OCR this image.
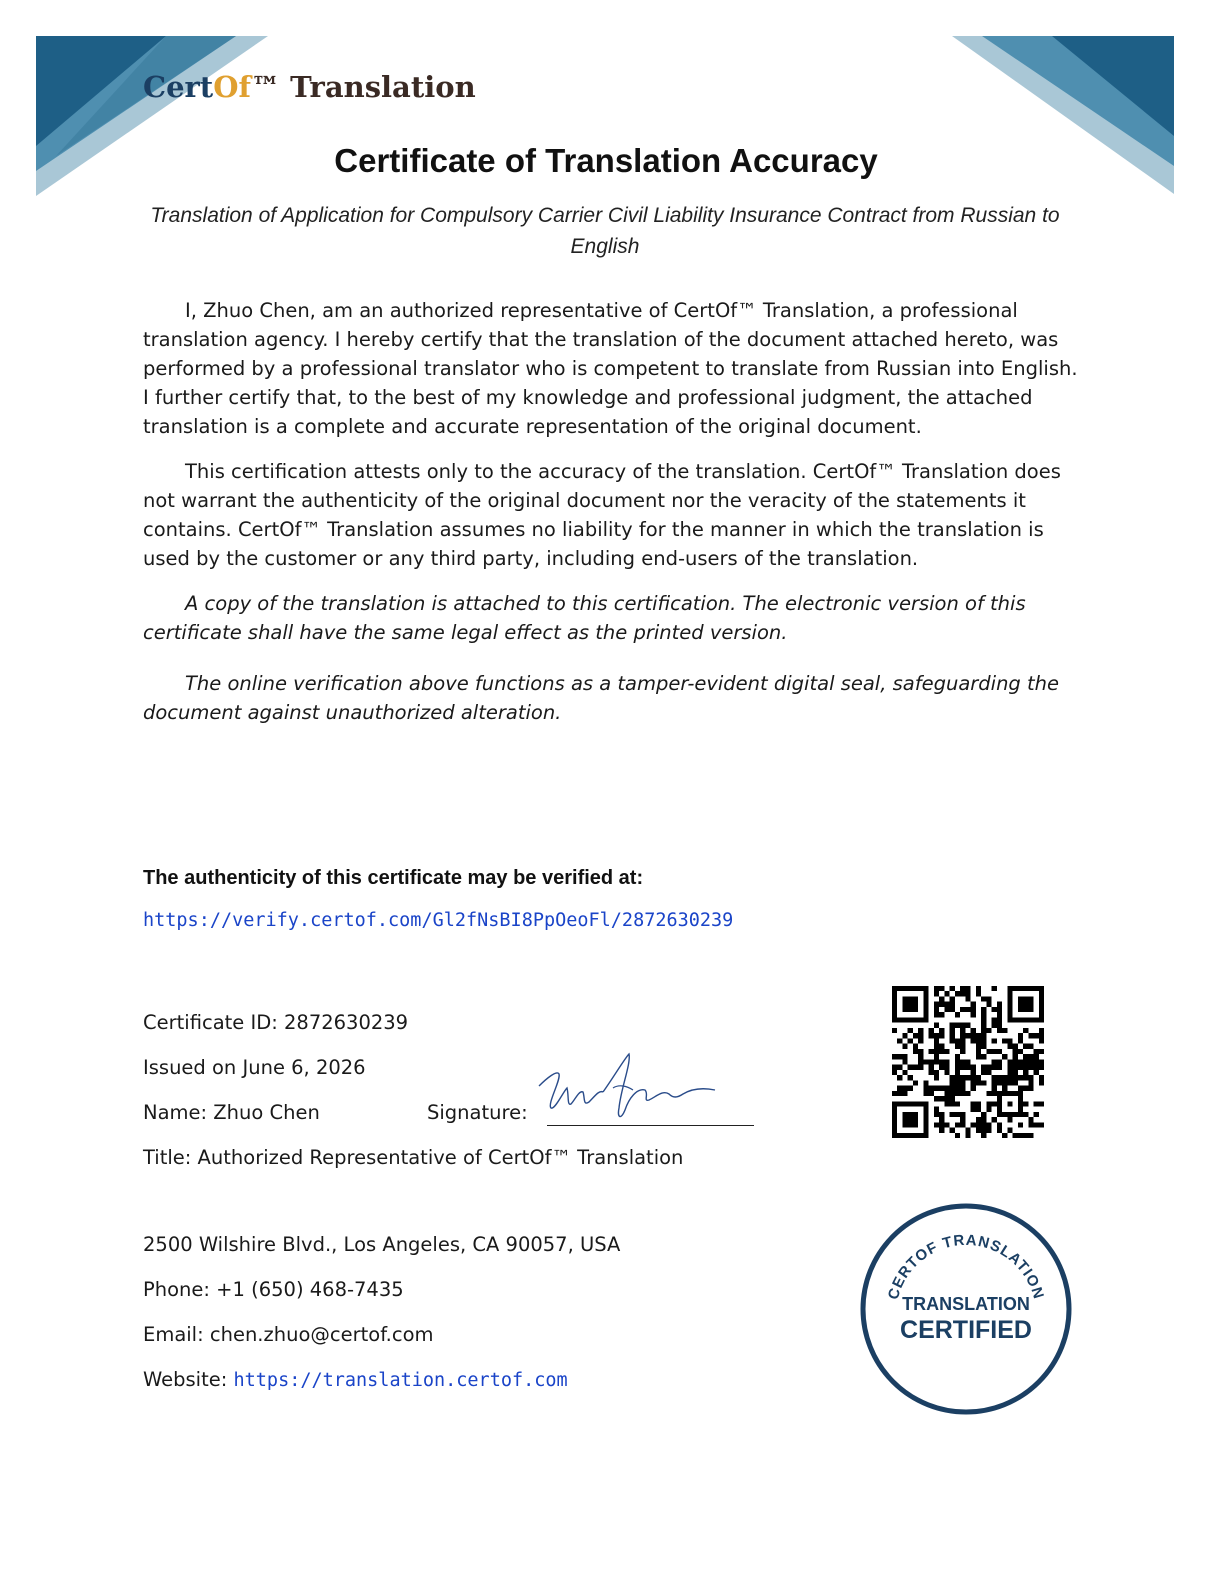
CertOf™ Translation
Certificate of Translation Accuracy
Translation of Application for Compulsory Carrier Civil Liability Insurance Contract from Russian to English

I, Zhuo Chen, am an authorized representative of CertOf™ Translation, a professional translation agency. I hereby certify that the translation of the document attached hereto, was performed by a professional translator who is competent to translate from Russian into English. I further certify that, to the best of my knowledge and professional judgment, the attached translation is a complete and accurate representation of the original document.

This certification attests only to the accuracy of the translation. CertOf™ Translation does not warrant the authenticity of the original document nor the veracity of the statements it contains. CertOf™ Translation assumes no liability for the manner in which the translation is used by the customer or any third party, including end-users of the translation.

A copy of the translation is attached to this certification. The electronic version of this certificate shall have the same legal effect as the printed version.

The online verification above functions as a tamper-evident digital seal, safeguarding the document against unauthorized alteration.

The authenticity of this certificate may be verified at:
https://verify.certof.com/Gl2fNsBI8PpOeoFl/2872630239
Certificate ID: 2872630239
Issued on June 6, 2026
Name: Zhuo Chen	Signature:
Title: Authorized Representative of CertOf™ Translation
2500 Wilshire Blvd., Los Angeles, CA 90057, USA
Phone: +1 (650) 468-7435
Email: chen.zhuo@certof.com
Website: https://translation.certof.com
CERTOF TRANSLATION
TRANSLATION
CERTIFIED
